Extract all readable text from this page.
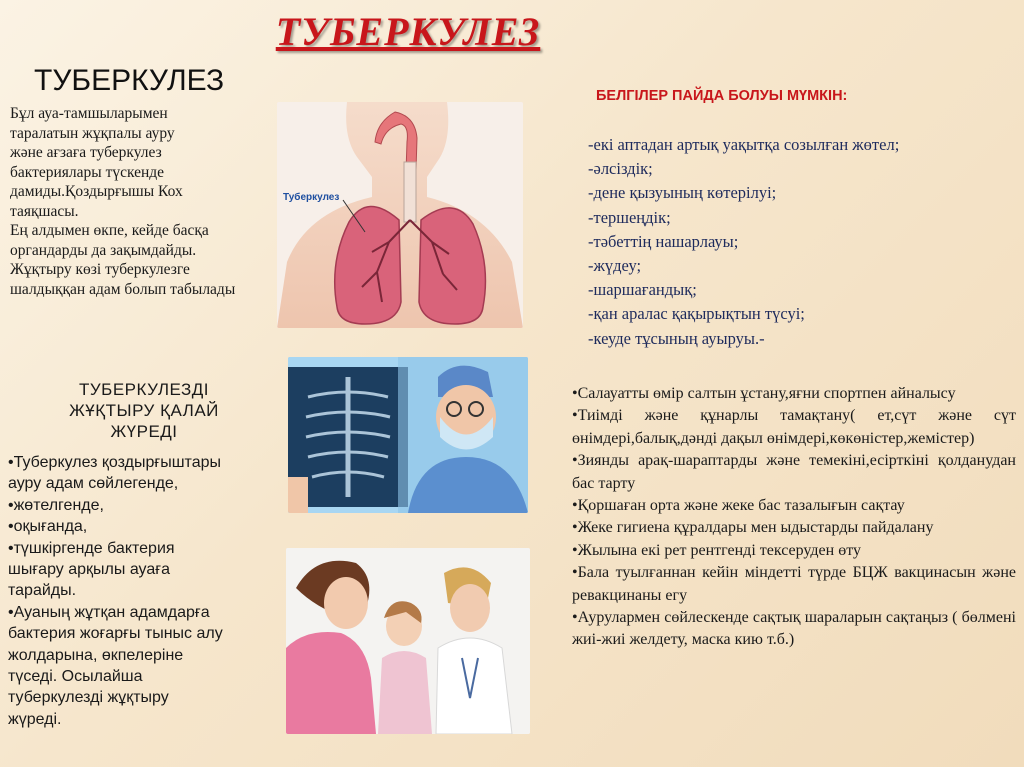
ТУБЕРКУЛЕЗ
ТУБЕРКУЛЕЗ
Бұл ауа-тамшыларымен
таралатын жұқпалы ауру
және ағзаға туберкулез
бактериялары түскенде
дамиды.Қоздырғышы Кох
таяқшасы.
Ең алдымен өкпе, кейде басқа
органдарды да зақымдайды.
Жұқтыру көзі туберкулезге
шалдыққан адам болып табылады
Туберкулез
БЕЛГІЛЕР ПАЙДА БОЛУЫ МҮМКІН:
-екі аптадан артық уақытқа созылған жөтел;
-әлсіздік;
-дене қызуының көтерілуі;
-тершеңдік;
-тәбеттің нашарлауы;
-жүдеу;
-шаршағандық;
-қан аралас қақырықтын түсуі;
-кеуде тұсының ауыруы.-
ТУБЕРКУЛЕЗДІ
ЖҰҚТЫРУ ҚАЛАЙ
ЖҮРЕДІ
•Туберкулез қоздырғыштары
ауру адам сөйлегенде,
•жөтелгенде,
•оқығанда,
•түшкіргенде бактерия
шығару арқылы ауаға
тарайды.
•Ауаның жұтқан адамдарға
бактерия жоғарғы тыныс алу
жолдарына, өкпелеріне
түседі. Осылайша
туберкулезді жұқтыру
жүреді.
•Салауатты өмір салтын ұстану,яғни спортпен айналысу
•Тиімді және құнарлы тамақтану( ет,сүт және сүт өнімдері,балық,дәнді дақыл өнімдері,көкөністер,жемістер)
•Зиянды арақ-шараптарды және темекіні,есірткіні қолданудан бас тарту
•Қоршаған орта және жеке бас тазалығын сақтау
•Жеке гигиена құралдары мен ыдыстарды пайдалану
•Жылына екі рет рентгенді тексеруден өту
•Бала туылғаннан кейін міндетті түрде БЦЖ вакцинасын және ревакцинаны егу
•Аурулармен сөйлескенде сақтық шараларын сақтаңыз ( бөлмені жиі-жиі желдету, маска кию т.б.)
